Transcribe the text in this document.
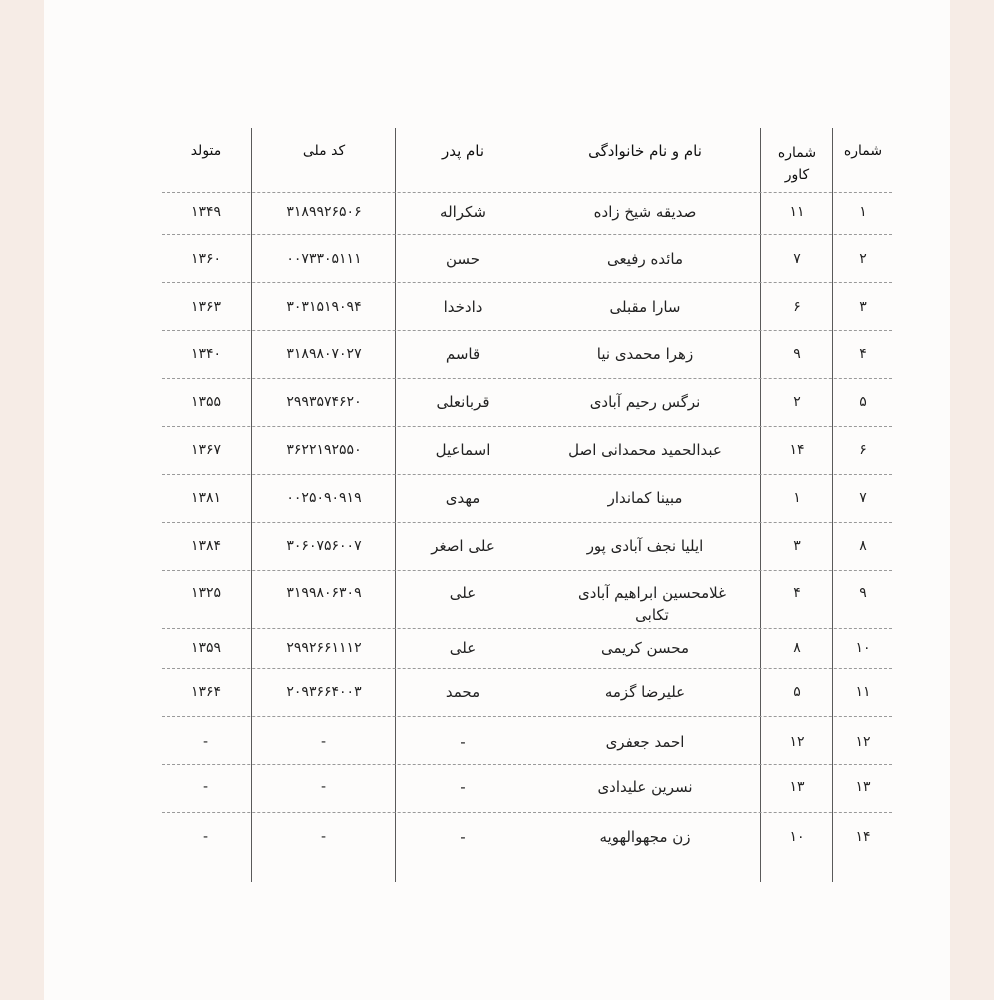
شماره
شماره کاور
نام و نام خانوادگی
نام پدر
کد ملی
متولد
۱
۱۱
صدیقه شیخ زاده
شکراله
۳۱۸۹۹۲۶۵۰۶
۱۳۴۹
۲
۷
مائده رفیعی
حسن
۰۰۷۳۳۰۵۱۱۱
۱۳۶۰
۳
۶
سارا مقبلی
دادخدا
۳۰۳۱۵۱۹۰۹۴
۱۳۶۳
۴
۹
زهرا محمدی نیا
قاسم
۳۱۸۹۸۰۷۰۲۷
۱۳۴۰
۵
۲
نرگس رحیم آبادی
قربانعلی
۲۹۹۳۵۷۴۶۲۰
۱۳۵۵
۶
۱۴
عبدالحمید محمدانی اصل
اسماعیل
۳۶۲۲۱۹۲۵۵۰
۱۳۶۷
۷
۱
مبینا کماندار
مهدی
۰۰۲۵۰۹۰۹۱۹
۱۳۸۱
۸
۳
ایلیا نجف آبادی پور
علی اصغر
۳۰۶۰۷۵۶۰۰۷
۱۳۸۴
۹
۴
غلامحسین ابراهیم آبادی تکابی
علی
۳۱۹۹۸۰۶۳۰۹
۱۳۲۵
۱۰
۸
محسن کریمی
علی
۲۹۹۲۶۶۱۱۱۲
۱۳۵۹
۱۱
۵
علیرضا گزمه
محمد
۲۰۹۳۶۶۴۰۰۳
۱۳۶۴
۱۲
۱۲
احمد جعفری
-
-
-
۱۳
۱۳
نسرین علیدادی
-
-
-
۱۴
۱۰
زن مجهوالهویه
-
-
-
